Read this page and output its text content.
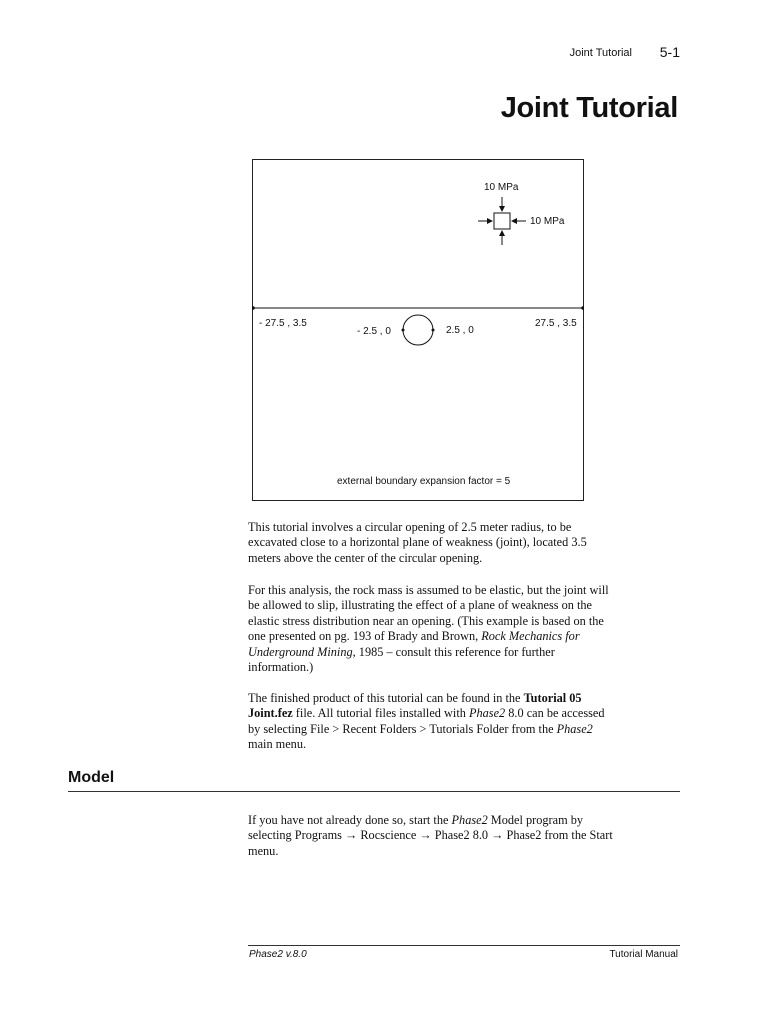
Joint Tutorial 5-1
Joint Tutorial
10 MPa
10 MPa
- 27.5 , 3.5	27.5 , 3.5
- 2.5 , 0	2.5 , 0
external boundary expansion factor = 5

This tutorial involves a circular opening of 2.5 meter radius, to be
excavated close to a horizontal plane of weakness (joint), located 3.5
meters above the center of the circular opening.

For this analysis, the rock mass is assumed to be elastic, but the joint will
be allowed to slip, illustrating the effect of a plane of weakness on the
elastic stress distribution near an opening. (This example is based on the
one presented on pg. 193 of Brady and Brown, Rock Mechanics for
Underground Mining, 1985 – consult this reference for further
information.)

The finished product of this tutorial can be found in the Tutorial 05
Joint.fez file. All tutorial files installed with Phase2 8.0 can be accessed
by selecting File > Recent Folders > Tutorials Folder from the Phase2
main menu.

Model

If you have not already done so, start the Phase2 Model program by
selecting Programs → Rocscience → Phase2 8.0 → Phase2 from the Start
menu.

Phase2 v.8.0	Tutorial Manual
